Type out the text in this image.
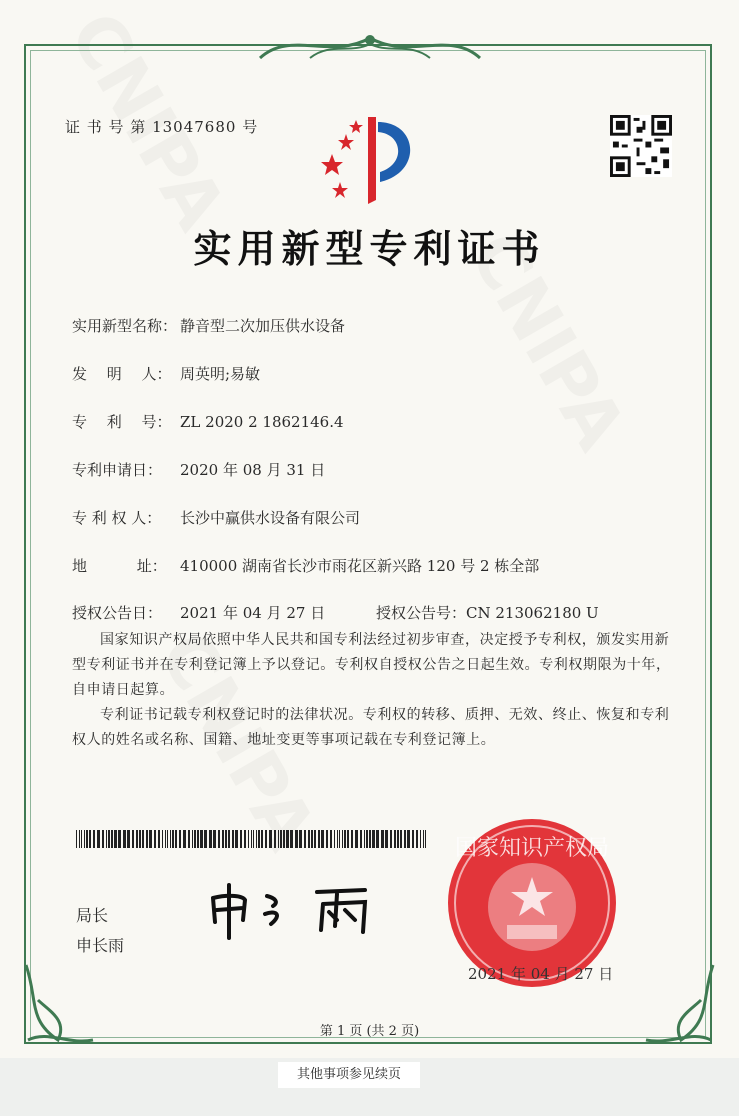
证 书 号 第 13047680 号
实用新型专利证书
实用新型名称： 静音型二次加压供水设备
发　 明　 人： 周英明;易敏
专　 利　 号： ZL 2020 2 1862146.4
专利申请日： 2020 年 08 月 31 日
专 利 权 人： 长沙中赢供水设备有限公司
地　　　 址： 410000 湖南省长沙市雨花区新兴路 120 号 2 栋全部
授权公告日： 2021 年 04 月 27 日	授权公告号：CN 213062180 U
国家知识产权局依照中华人民共和国专利法经过初步审查，决定授予专利权，颁发实用新型专利证书并在专利登记簿上予以登记。专利权自授权公告之日起生效。专利权期限为十年，自申请日起算。
专利证书记载专利权登记时的法律状况。专利权的转移、质押、无效、终止、恢复和专利权人的姓名或名称、国籍、地址变更等事项记载在专利登记簿上。
局长
申长雨
国家知识产权局
2021 年 04 月 27 日
第 1 页 (共 2 页)
其他事项参见续页
